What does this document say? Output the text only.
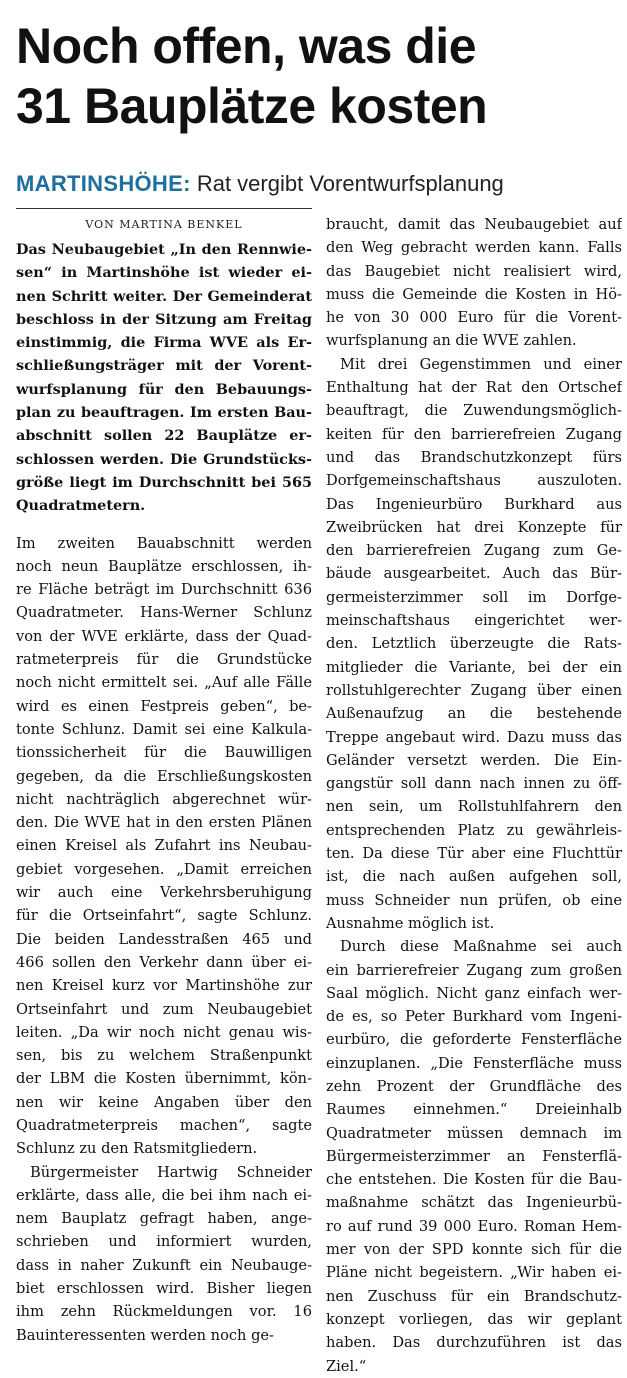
Noch offen, was die
31 Bauplätze kosten
MARTINSHÖHE: Rat vergibt Vorentwurfsplanung
VON MARTINA BENKEL
Das Neubaugebiet „In den Rennwie-
sen“ in Martinshöhe ist wieder ei-
nen Schritt weiter. Der Gemeinderat
beschloss in der Sitzung am Freitag
einstimmig, die Firma WVE als Er-
schließungsträger mit der Vorent-
wurfsplanung für den Bebauungs-
plan zu beauftragen. Im ersten Bau-
abschnitt sollen 22 Bauplätze er-
schlossen werden. Die Grundstücks-
größe liegt im Durchschnitt bei 565
Quadratmetern.
Im zweiten Bauabschnitt werden
noch neun Bauplätze erschlossen, ih-
re Fläche beträgt im Durchschnitt 636
Quadratmeter. Hans-Werner Schlunz
von der WVE erklärte, dass der Quad-
ratmeterpreis für die Grundstücke
noch nicht ermittelt sei. „Auf alle Fälle
wird es einen Festpreis geben“, be-
tonte Schlunz. Damit sei eine Kalkula-
tionssicherheit für die Bauwilligen
gegeben, da die Erschließungskosten
nicht nachträglich abgerechnet wür-
den. Die WVE hat in den ersten Plänen
einen Kreisel als Zufahrt ins Neubau-
gebiet vorgesehen. „Damit erreichen
wir auch eine Verkehrsberuhigung
für die Ortseinfahrt“, sagte Schlunz.
Die beiden Landesstraßen 465 und
466 sollen den Verkehr dann über ei-
nen Kreisel kurz vor Martinshöhe zur
Ortseinfahrt und zum Neubaugebiet
leiten. „Da wir noch nicht genau wis-
sen, bis zu welchem Straßenpunkt
der LBM die Kosten übernimmt, kön-
nen wir keine Angaben über den
Quadratmeterpreis machen“, sagte
Schlunz zu den Ratsmitgliedern.
Bürgermeister Hartwig Schneider
erklärte, dass alle, die bei ihm nach ei-
nem Bauplatz gefragt haben, ange-
schrieben und informiert wurden,
dass in naher Zukunft ein Neubauge-
biet erschlossen wird. Bisher liegen
ihm zehn Rückmeldungen vor. 16
Bauinteressenten werden noch ge-
braucht, damit das Neubaugebiet auf
den Weg gebracht werden kann. Falls
das Baugebiet nicht realisiert wird,
muss die Gemeinde die Kosten in Hö-
he von 30 000 Euro für die Vorent-
wurfsplanung an die WVE zahlen.
Mit drei Gegenstimmen und einer
Enthaltung hat der Rat den Ortschef
beauftragt, die Zuwendungsmöglich-
keiten für den barrierefreien Zugang
und das Brandschutzkonzept fürs
Dorfgemeinschaftshaus auszuloten.
Das Ingenieurbüro Burkhard aus
Zweibrücken hat drei Konzepte für
den barrierefreien Zugang zum Ge-
bäude ausgearbeitet. Auch das Bür-
germeisterzimmer soll im Dorfge-
meinschaftshaus eingerichtet wer-
den. Letztlich überzeugte die Rats-
mitglieder die Variante, bei der ein
rollstuhlgerechter Zugang über einen
Außenaufzug an die bestehende
Treppe angebaut wird. Dazu muss das
Geländer versetzt werden. Die Ein-
gangstür soll dann nach innen zu öff-
nen sein, um Rollstuhlfahrern den
entsprechenden Platz zu gewährleis-
ten. Da diese Tür aber eine Fluchttür
ist, die nach außen aufgehen soll,
muss Schneider nun prüfen, ob eine
Ausnahme möglich ist.
Durch diese Maßnahme sei auch
ein barrierefreier Zugang zum großen
Saal möglich. Nicht ganz einfach wer-
de es, so Peter Burkhard vom Ingeni-
eurbüro, die geforderte Fensterfläche
einzuplanen. „Die Fensterfläche muss
zehn Prozent der Grundfläche des
Raumes einnehmen.“ Dreieinhalb
Quadratmeter müssen demnach im
Bürgermeisterzimmer an Fensterflä-
che entstehen. Die Kosten für die Bau-
maßnahme schätzt das Ingenieurbü-
ro auf rund 39 000 Euro. Roman Hem-
mer von der SPD konnte sich für die
Pläne nicht begeistern. „Wir haben ei-
nen Zuschuss für ein Brandschutz-
konzept vorliegen, das wir geplant
haben. Das durchzuführen ist das
Ziel.“
